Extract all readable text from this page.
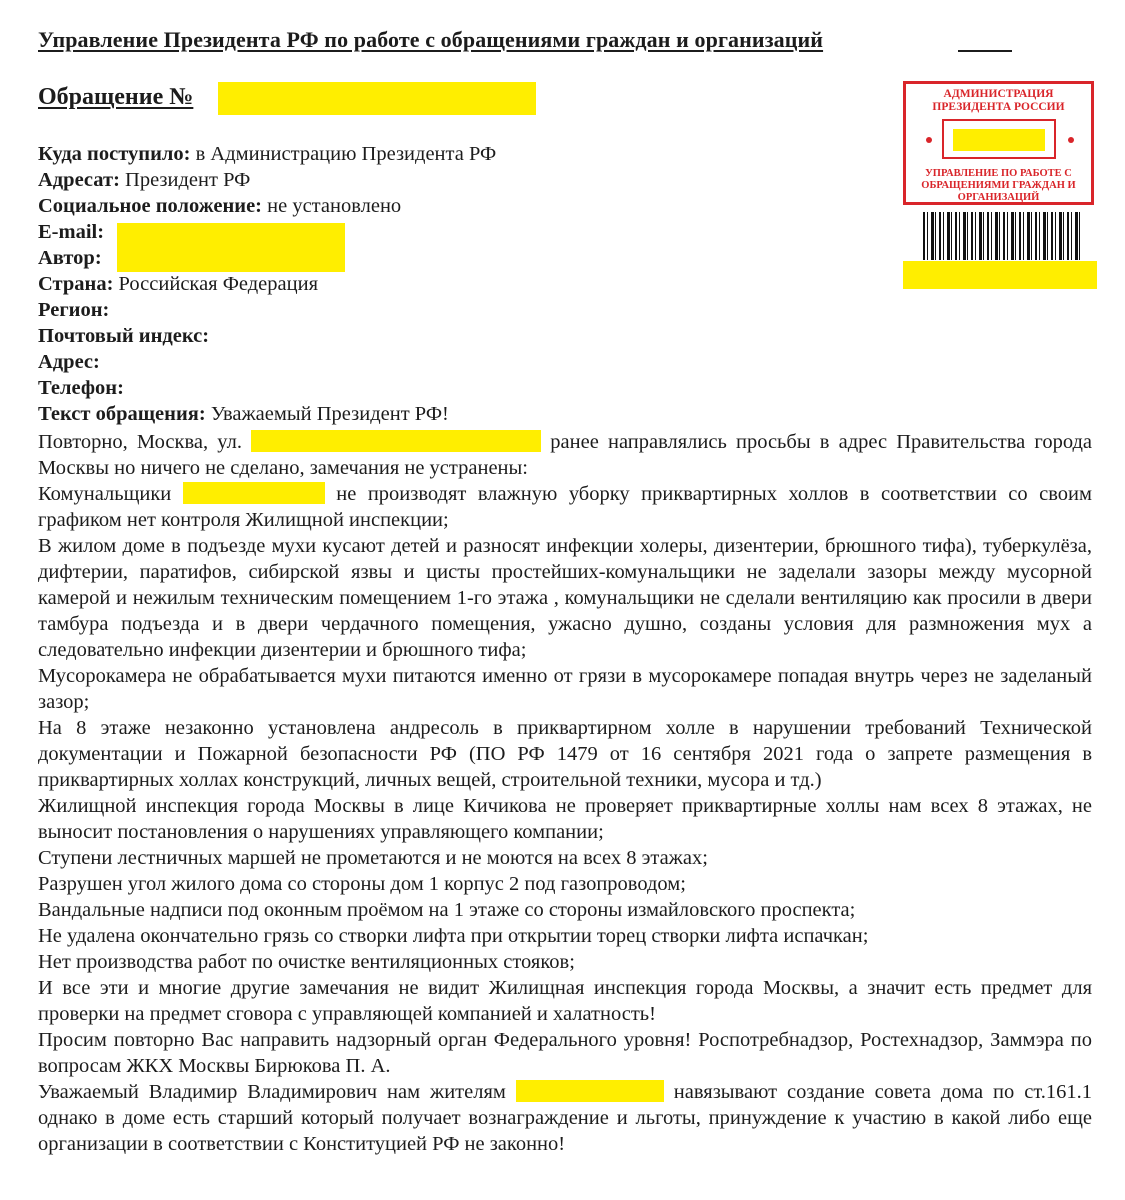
Управление Президента РФ по работе с обращениями граждан и организаций
Обращение №	АДМИНИСТРАЦИЯ ПРЕЗИДЕНТА РОССИИ
УПРАВЛЕНИЕ ПО РАБОТЕ С ОБРАЩЕНИЯМИ ГРАЖДАН И ОРГАНИЗАЦИЙ
Куда поступило: в Администрацию Президента РФ
Адресат: Президент РФ
Социальное положение: не установлено
E-mail:
Автор:
Страна: Российская Федерация
Регион:
Почтовый индекс:
Адрес:
Телефон:
Текст обращения: Уважаемый Президент РФ!

Повторно, Москва, ул.	ранее направлялись просьбы в адрес Правительства города Москвы но ничего не сделано, замечания не устранены:

Комунальщики	не производят влажную уборку приквартирных холлов в соответствии со своим графиком нет контроля Жилищной инспекции;

В жилом доме в подъезде мухи кусают детей и разносят инфекции холеры, дизентерии, брюшного тифа), туберкулёза, дифтерии, паратифов, сибирской язвы и цисты простейших-комунальщики не заделали зазоры между мусорной камерой и нежилым техническим помещением 1-го этажа , комунальщики не сделали вентиляцию как просили в двери тамбура подъезда и в двери чердачного помещения, ужасно душно, созданы условия для размножения мух а следовательно инфекции дизентерии и брюшного тифа;

Мусорокамера не обрабатывается мухи питаются именно от грязи в мусорокамере попадая внутрь через не заделаный зазор;

На 8 этаже незаконно установлена андресоль в приквартирном холле в нарушении требований Технической документации и Пожарной безопасности РФ (ПО РФ 1479 от 16 сентября 2021 года о запрете размещения в приквартирных холлах конструкций, личных вещей, строительной техники, мусора и тд.)

Жилищной инспекция города Москвы в лице Кичикова не проверяет приквартирные холлы нам всех 8 этажах, не выносит постановления о нарушениях управляющего компании;

Ступени лестничных маршей не прометаются и не моются на всех 8 этажах;

Разрушен угол жилого дома со стороны дом 1 корпус 2 под газопроводом;

Вандальные надписи под оконным проёмом на 1 этаже со стороны измайловского проспекта;

Не удалена окончательно грязь со створки лифта при открытии торец створки лифта испачкан;

Нет производства работ по очистке вентиляционных стояков;

И все эти и многие другие замечания не видит Жилищная инспекция города Москвы, а значит есть предмет для проверки на предмет сговора с управляющей компанией и халатность!

Просим повторно Вас направить надзорный орган Федерального уровня! Роспотребнадзор, Ростехнадзор, Заммэра по вопросам ЖКХ Москвы Бирюкова П. А.

Уважаемый Владимир Владимирович нам жителям	навязывают создание совета дома по ст.161.1 однако в доме есть старший который получает вознаграждение и льготы, принуждение к участию в какой либо еще организации в соответствии с Конституцией РФ не законно!
